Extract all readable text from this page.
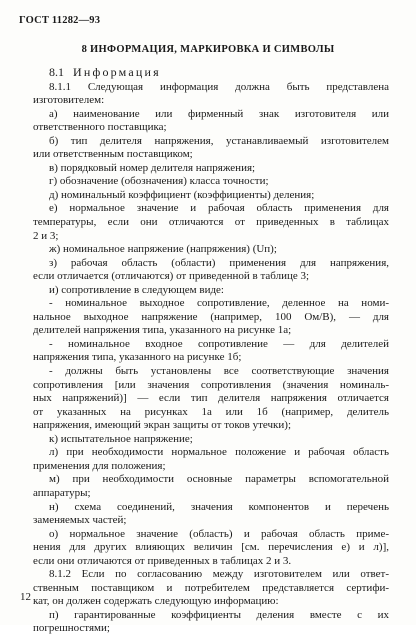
ГОСТ 11282—93
8 ИНФОРМАЦИЯ, МАРКИРОВКА И СИМВОЛЫ
8.1 Информация
8.1.1 Следующая информация должна быть представлена
изготовителем:
а) наименование или фирменный знак изготовителя или
ответственного поставщика;
б) тип делителя напряжения, устанавливаемый изготовителем
или ответственным поставщиком;
в) порядковый номер делителя напряжения;
г) обозначение (обозначения) класса точности;
д) номинальный коэффициент (коэффициенты) деления;
е) нормальное значение и рабочая область применения для
температуры, если они отличаются от приведенных в таблицах
2 и 3;
ж) номинальное напряжение (напряжения) (Uп);
з) рабочая область (области) применения для напряжения,
если отличается (отличаются) от приведенной в таблице 3;
и) сопротивление в следующем виде:
- номинальное выходное сопротивление, деленное на номи-
нальное выходное напряжение (например, 100 Ом/В), — для
делителей напряжения типа, указанного на рисунке 1а;
- номинальное входное сопротивление — для делителей
напряжения типа, указанного на рисунке 1б;
- должны быть установлены все соответствующие значения
сопротивления [или значения сопротивления (значения номиналь-
ных напряжений)] — если тип делителя напряжения отличается
от указанных на рисунках 1а или 1б (например, делитель
напряжения, имеющий экран защиты от токов утечки);
к) испытательное напряжение;
л) при необходимости нормальное положение и рабочая область
применения для положения;
м) при необходимости основные параметры вспомогательной
аппаратуры;
н) схема соединений, значения компонентов и перечень
заменяемых частей;
о) нормальное значение (область) и рабочая область приме-
нения для других влияющих величин [см. перечисления е) и л)],
если они отличаются от приведенных в таблицах 2 и 3.
8.1.2 Если по согласованию между изготовителем или ответ-
ственным поставщиком и потребителем представляется сертифи-
кат, он должен содержать следующую информацию:
п) гарантированные коэффициенты деления вместе с их
погрешностями;
12
